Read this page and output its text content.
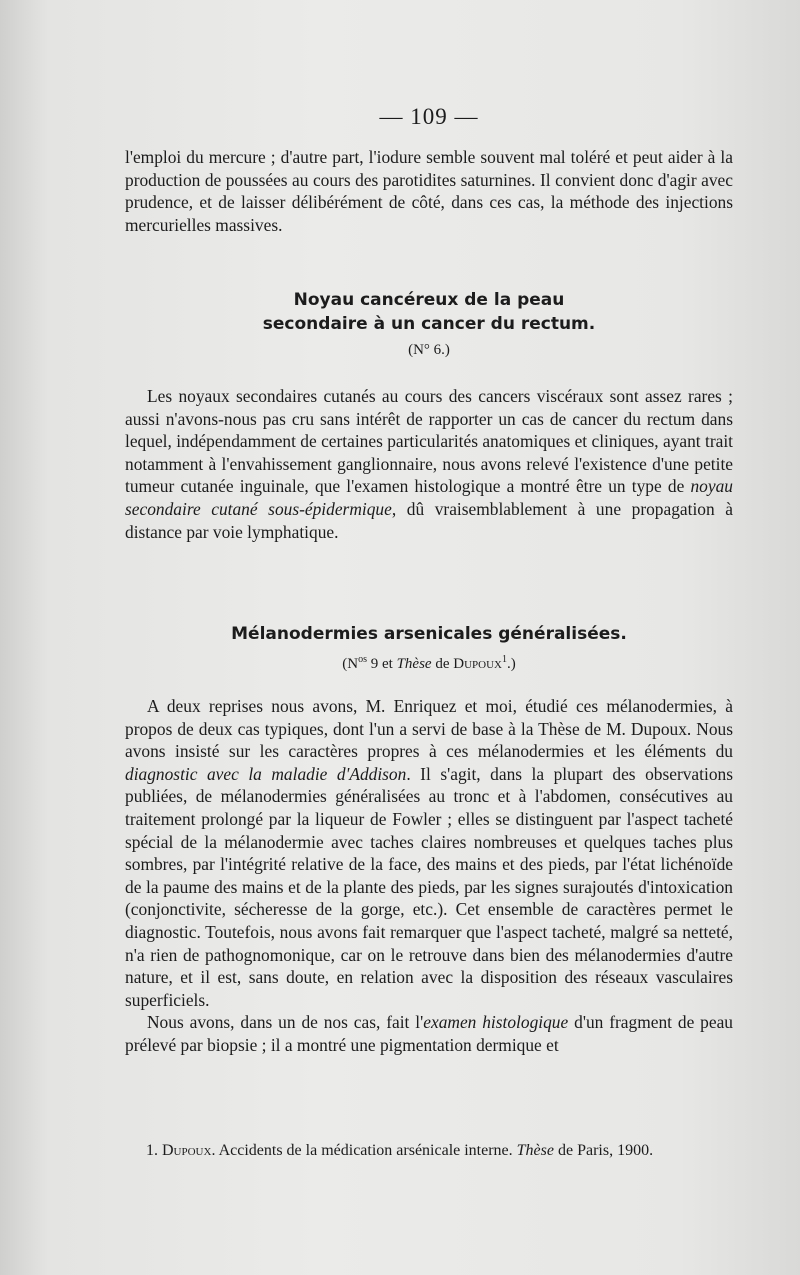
— 109 —

l'emploi du mercure ; d'autre part, l'iodure semble souvent mal toléré et peut aider à la production de poussées au cours des parotidites saturnines. Il convient donc d'agir avec prudence, et de laisser délibérément de côté, dans ces cas, la méthode des injections mercurielles massives.

Noyau cancéreux de la peau
secondaire à un cancer du rectum.
(N° 6.)

Les noyaux secondaires cutanés au cours des cancers viscéraux sont assez rares ; aussi n'avons-nous pas cru sans intérêt de rapporter un cas de cancer du rectum dans lequel, indépendamment de certaines particularités anatomiques et cliniques, ayant trait notamment à l'envahissement ganglionnaire, nous avons relevé l'existence d'une petite tumeur cutanée inguinale, que l'examen histologique a montré être un type de noyau secondaire cutané sous-épidermique, dû vraisemblablement à une propagation à distance par voie lymphatique.

Mélanodermies arsenicales généralisées.
($N^{os}$ 9 et Thèse de Dupoux$^1$.)

A deux reprises nous avons, M. Enriquez et moi, étudié ces mélanodermies, à propos de deux cas typiques, dont l'un a servi de base à la Thèse de M. Dupoux. Nous avons insisté sur les caractères propres à ces mélanodermies et les éléments du diagnostic avec la maladie d'Addison. Il s'agit, dans la plupart des observations publiées, de mélanodermies généralisées au tronc et à l'abdomen, consécutives au traitement prolongé par la liqueur de Fowler ; elles se distinguent par l'aspect tacheté spécial de la mélanodermie avec taches claires nombreuses et quelques taches plus sombres, par l'intégrité relative de la face, des mains et des pieds, par l'état lichénoïde de la paume des mains et de la plante des pieds, par les signes surajoutés d'intoxication (conjonctivite, sécheresse de la gorge, etc.). Cet ensemble de caractères permet le diagnostic. Toutefois, nous avons fait remarquer que l'aspect tacheté, malgré sa netteté, n'a rien de pathognomonique, car on le retrouve dans bien des mélanodermies d'autre nature, et il est, sans doute, en relation avec la disposition des réseaux vasculaires superficiels.

Nous avons, dans un de nos cas, fait l'examen histologique d'un fragment de peau prélevé par biopsie ; il a montré une pigmentation dermique et

1. Dupoux. Accidents de la médication arsénicale interne. Thèse de Paris, 1900.
